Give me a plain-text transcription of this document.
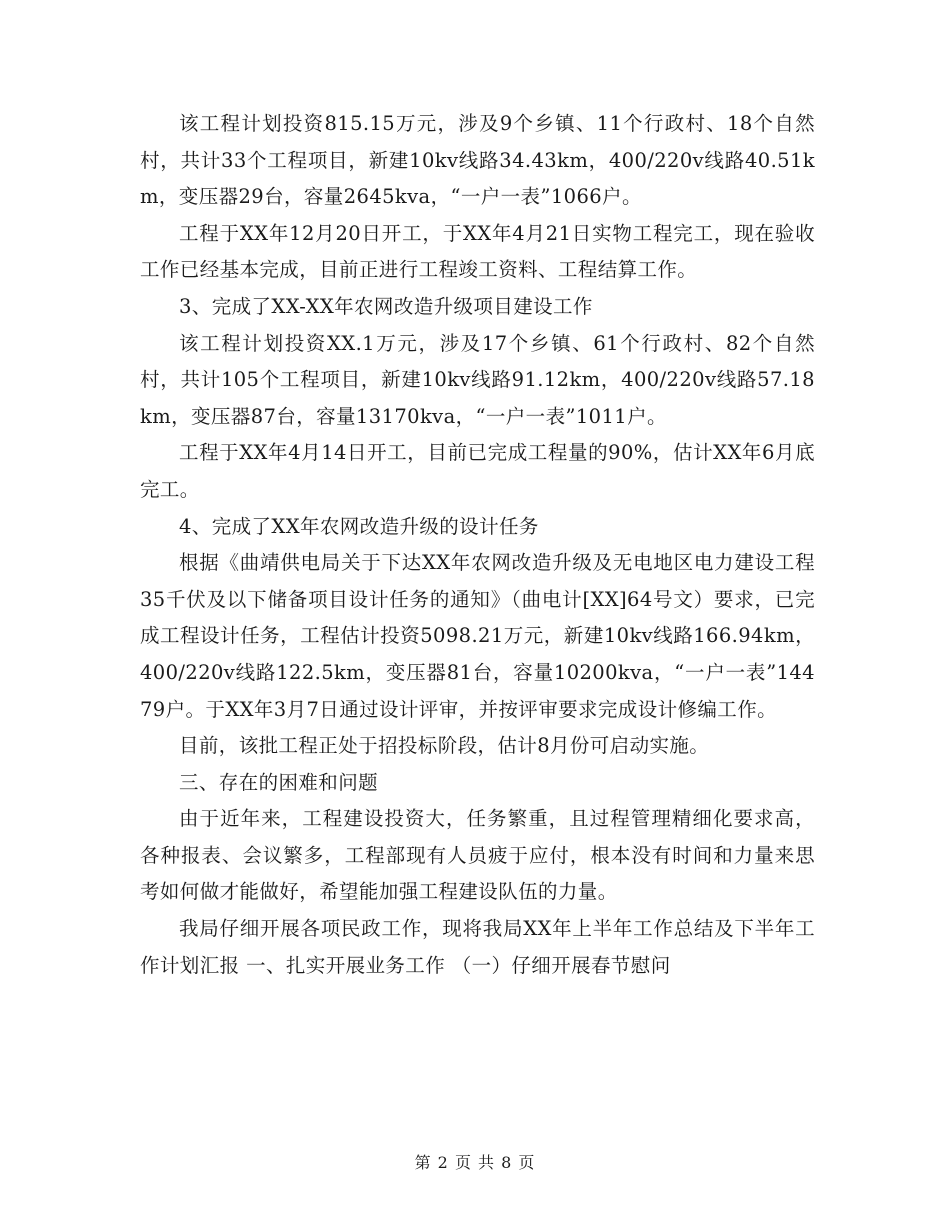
该工程计划投资815.15万元，涉及9个乡镇、11个行政村、18个自然村，共计33个工程项目，新建10kv线路34.43km，400/220v线路40.51km，变压器29台，容量2645kva，“一户一表”1066户。

工程于XX年12月20日开工，于XX年4月21日实物工程完工，现在验收工作已经基本完成，目前正进行工程竣工资料、工程结算工作。

3、完成了XX-XX年农网改造升级项目建设工作

该工程计划投资XX.1万元，涉及17个乡镇、61个行政村、82个自然村，共计105个工程项目，新建10kv线路91.12km，400/220v线路57.18km，变压器87台，容量13170kva，“一户一表”1011户。

工程于XX年4月14日开工，目前已完成工程量的90%，估计XX年6月底完工。

4、完成了XX年农网改造升级的设计任务

根据《曲靖供电局关于下达XX年农网改造升级及无电地区电力建设工程35千伏及以下储备项目设计任务的通知》（曲电计[XX]64号文）要求，已完成工程设计任务，工程估计投资5098.21万元，新建10kv线路166.94km，400/220v线路122.5km，变压器81台，容量10200kva，“一户一表”14479户。于XX年3月7日通过设计评审，并按评审要求完成设计修编工作。

目前，该批工程正处于招投标阶段，估计8月份可启动实施。

三、存在的困难和问题

由于近年来，工程建设投资大，任务繁重，且过程管理精细化要求高，各种报表、会议繁多，工程部现有人员疲于应付，根本没有时间和力量来思考如何做才能做好，希望能加强工程建设队伍的力量。

我局仔细开展各项民政工作，现将我局XX年上半年工作总结及下半年工作计划汇报 一、扎实开展业务工作 （一）仔细开展春节慰问

第 2 页 共 8 页
